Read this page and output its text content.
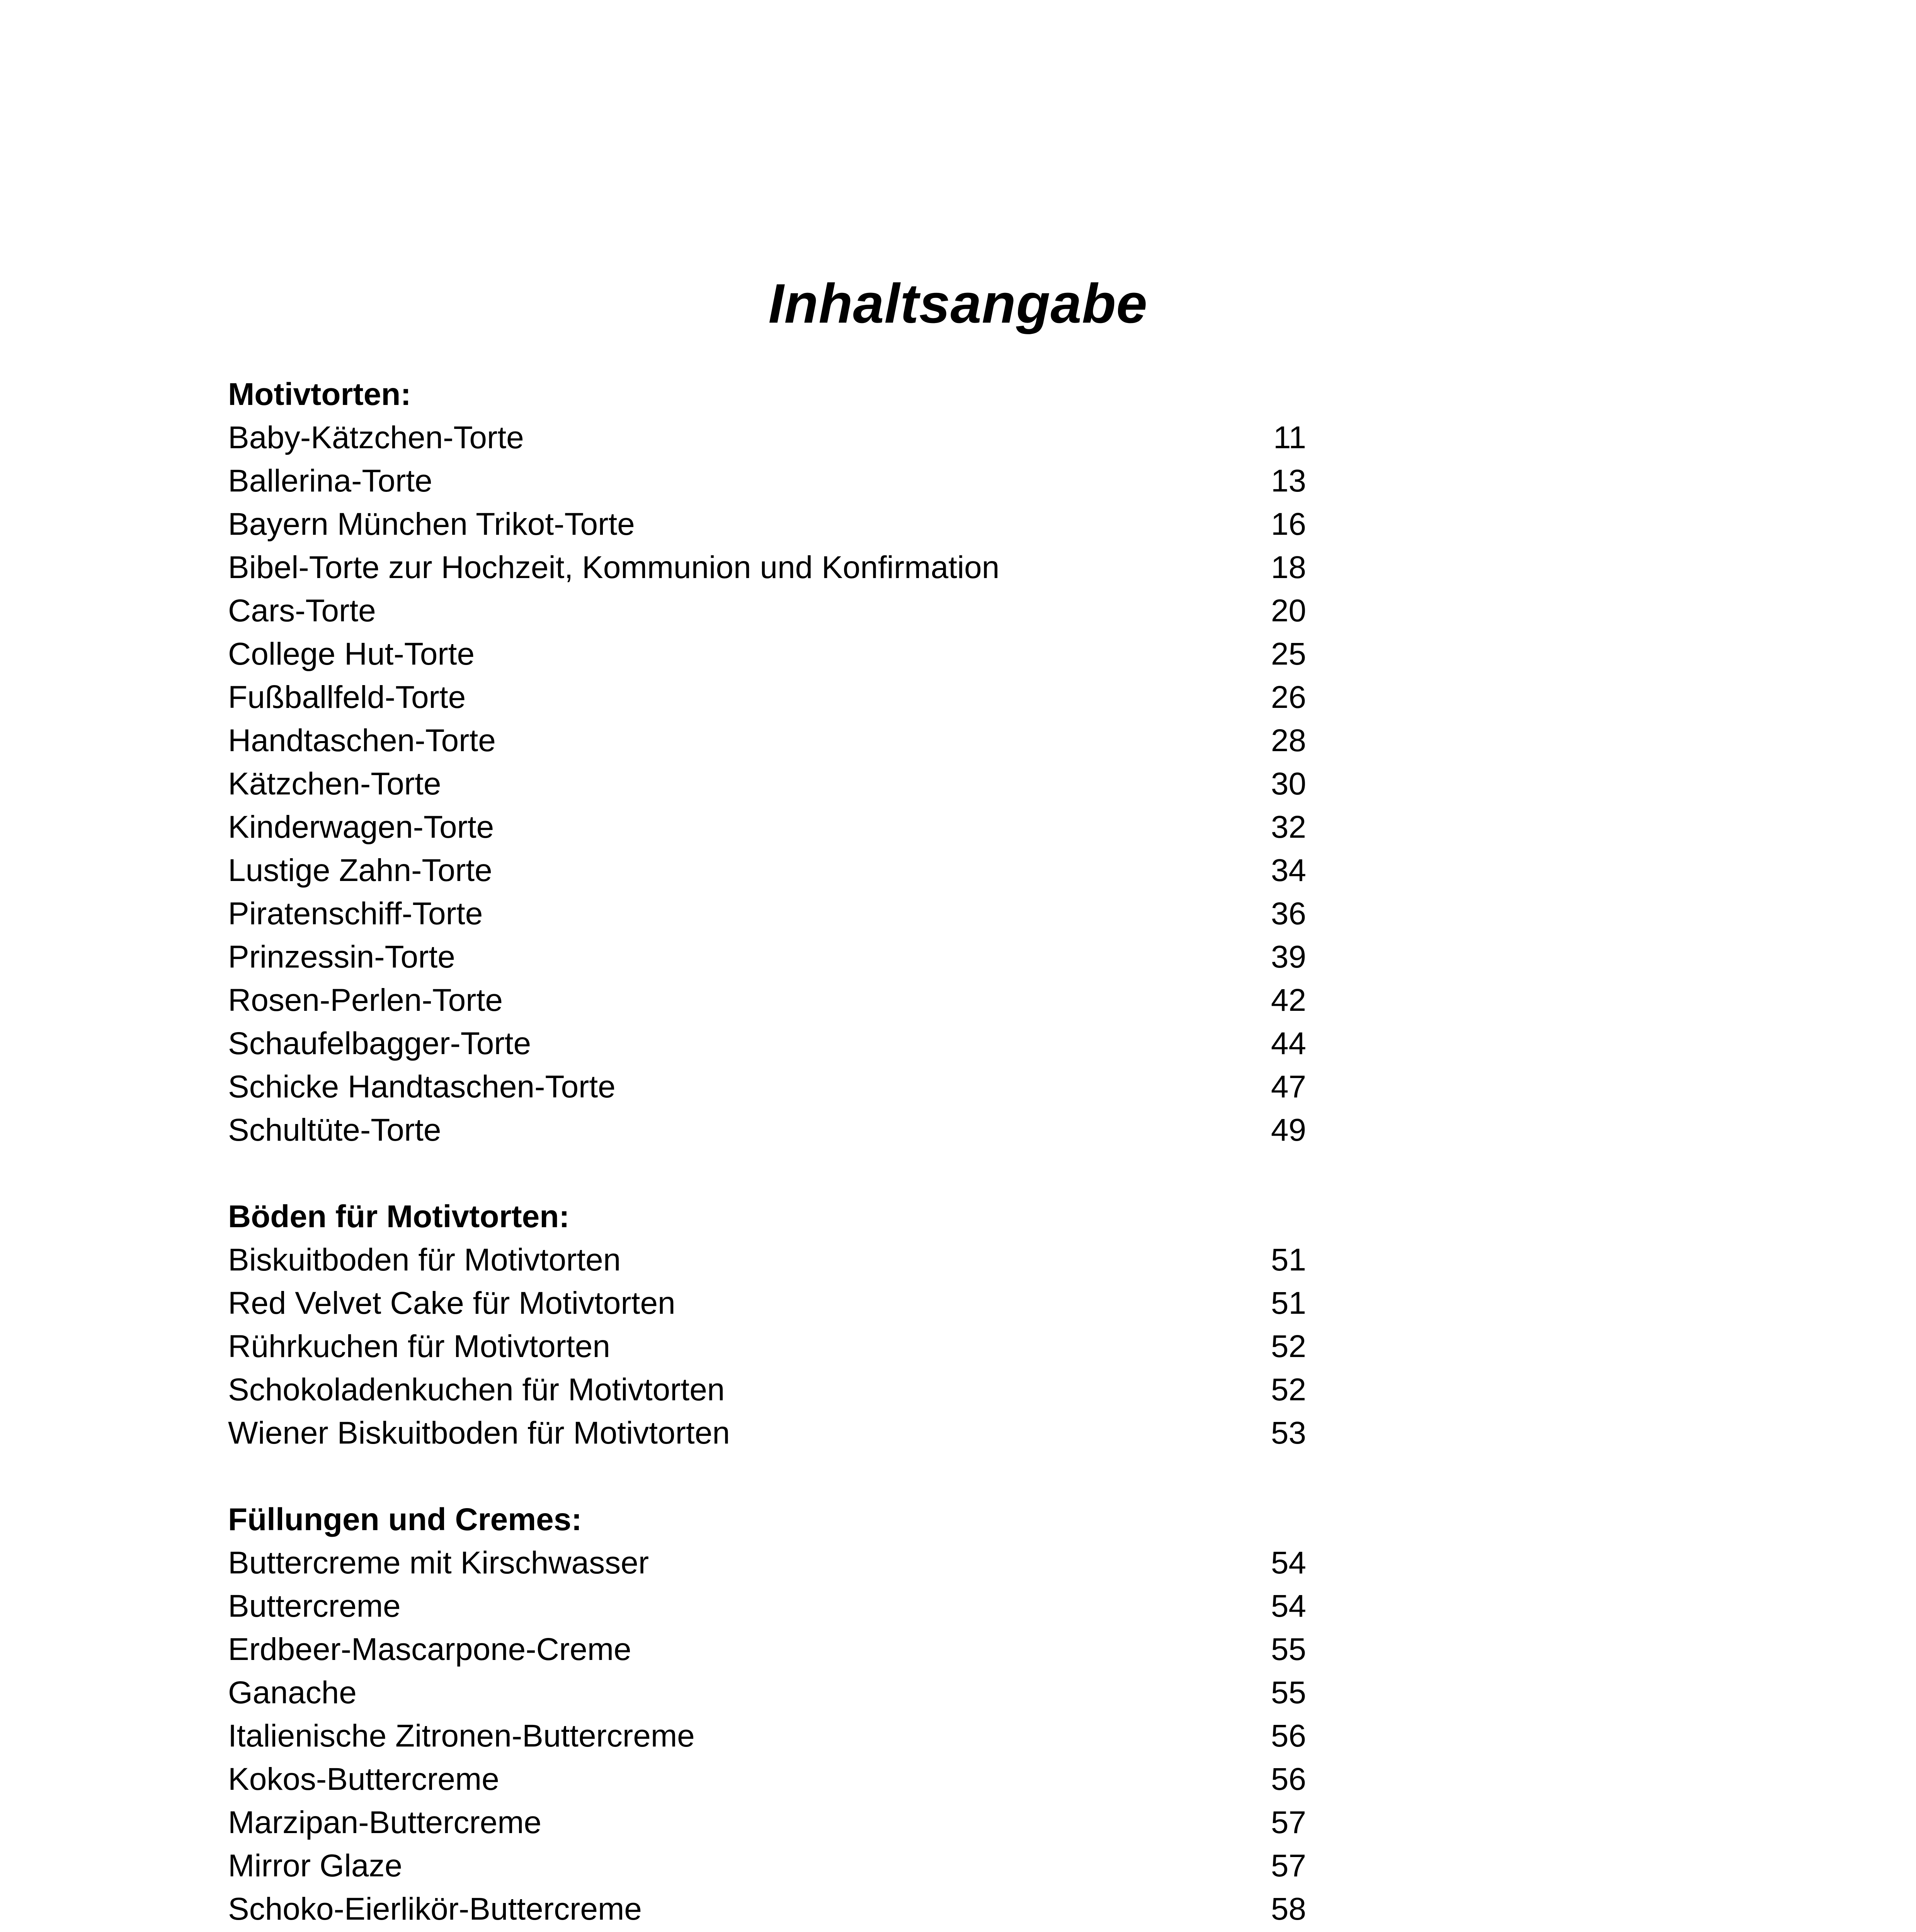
Inhaltsangabe
Motivtorten:
Baby-Kätzchen-Torte	11
Ballerina-Torte	13
Bayern München Trikot-Torte	16
Bibel-Torte zur Hochzeit, Kommunion und Konfirmation	18
Cars-Torte	20
College Hut-Torte	25
Fußballfeld-Torte	26
Handtaschen-Torte	28
Kätzchen-Torte	30
Kinderwagen-Torte	32
Lustige Zahn-Torte	34
Piratenschiff-Torte	36
Prinzessin-Torte	39
Rosen-Perlen-Torte	42
Schaufelbagger-Torte	44
Schicke Handtaschen-Torte	47
Schultüte-Torte	49
Böden für Motivtorten:
Biskuitboden für Motivtorten	51
Red Velvet Cake für Motivtorten	51
Rührkuchen für Motivtorten	52
Schokoladenkuchen für Motivtorten	52
Wiener Biskuitboden für Motivtorten	53
Füllungen und Cremes:
Buttercreme mit Kirschwasser	54
Buttercreme	54
Erdbeer-Mascarpone-Creme	55
Ganache	55
Italienische Zitronen-Buttercreme	56
Kokos-Buttercreme	56
Marzipan-Buttercreme	57
Mirror Glaze	57
Schoko-Eierlikör-Buttercreme	58
